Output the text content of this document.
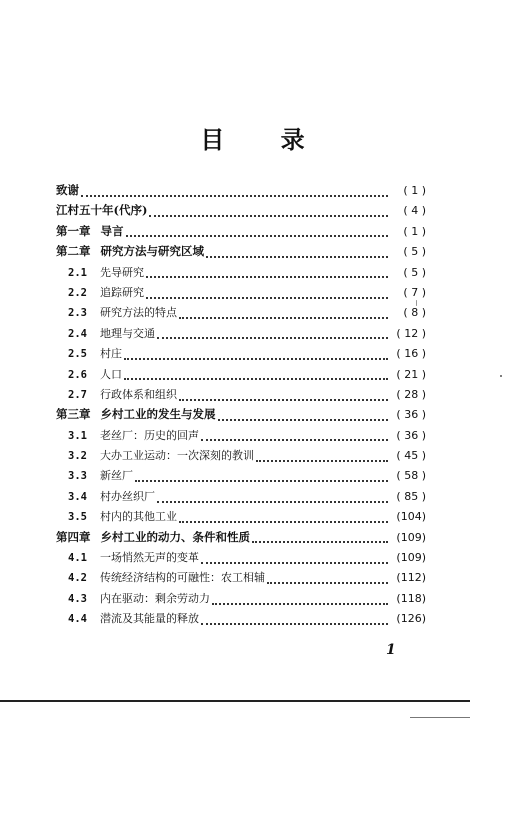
目 录
致谢	( 1 )
江村五十年(代序)	( 4 )
第一章 导言	( 1 )
第二章 研究方法与研究区域	( 5 )
2.1	先导研究	( 5 )
2.2	追踪研究	( 7 )
2.3	研究方法的特点	( 8 )
2.4	地理与交通	( 12 )
2.5	村庄	( 16 )
2.6	人口	( 21 )
2.7	行政体系和组织	( 28 )
第三章 乡村工业的发生与发展	( 36 )
3.1	老丝厂：历史的回声	( 36 )
3.2	大办工业运动：一次深刻的教训	( 45 )
3.3	新丝厂	( 58 )
3.4	村办丝织厂	( 85 )
3.5	村内的其他工业	(104)
第四章 乡村工业的动力、条件和性质	(109)
4.1	一场悄然无声的变革	(109)
4.2	传统经济结构的可融性：农工相辅	(112)
4.3	内在驱动：剩余劳动力	(118)
4.4	潜流及其能量的释放	(126)
1
